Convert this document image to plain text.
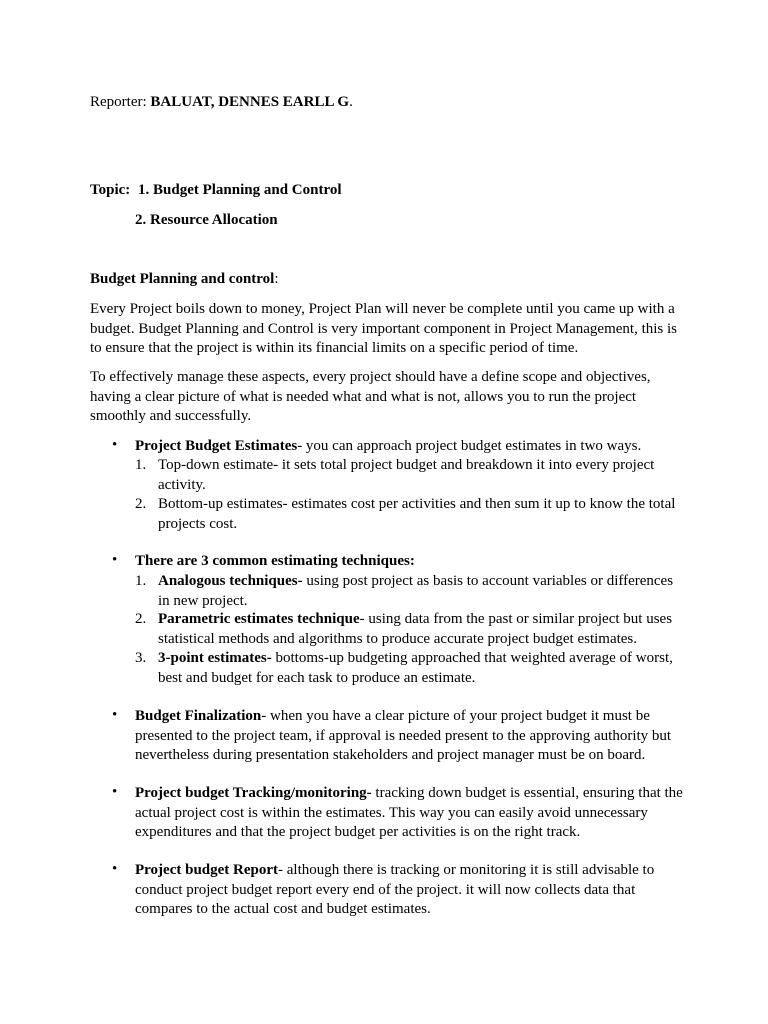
Reporter: BALUAT, DENNES EARLL G.

Topic: 1. Budget Planning and Control

2. Resource Allocation

Budget Planning and control:

Every Project boils down to money, Project Plan will never be complete until you came up with a budget. Budget Planning and Control is very important component in Project Management, this is to ensure that the project is within its financial limits on a specific period of time.

To effectively manage these aspects, every project should have a define scope and objectives, having a clear picture of what is needed what and what is not, allows you to run the project smoothly and successfully.

• Project Budget Estimates- you can approach project budget estimates in two ways.

1. Top-down estimate- it sets total project budget and breakdown it into every project activity.

2. Bottom-up estimates- estimates cost per activities and then sum it up to know the total projects cost.

• There are 3 common estimating techniques:

1. Analogous techniques- using post project as basis to account variables or differences in new project.

2. Parametric estimates technique- using data from the past or similar project but uses statistical methods and algorithms to produce accurate project budget estimates.

3. 3-point estimates- bottoms-up budgeting approached that weighted average of worst, best and budget for each task to produce an estimate.

• Budget Finalization- when you have a clear picture of your project budget it must be presented to the project team, if approval is needed present to the approving authority but nevertheless during presentation stakeholders and project manager must be on board.

• Project budget Tracking/monitoring- tracking down budget is essential, ensuring that the actual project cost is within the estimates. This way you can easily avoid unnecessary expenditures and that the project budget per activities is on the right track.

• Project budget Report- although there is tracking or monitoring it is still advisable to conduct project budget report every end of the project. it will now collects data that compares to the actual cost and budget estimates.
